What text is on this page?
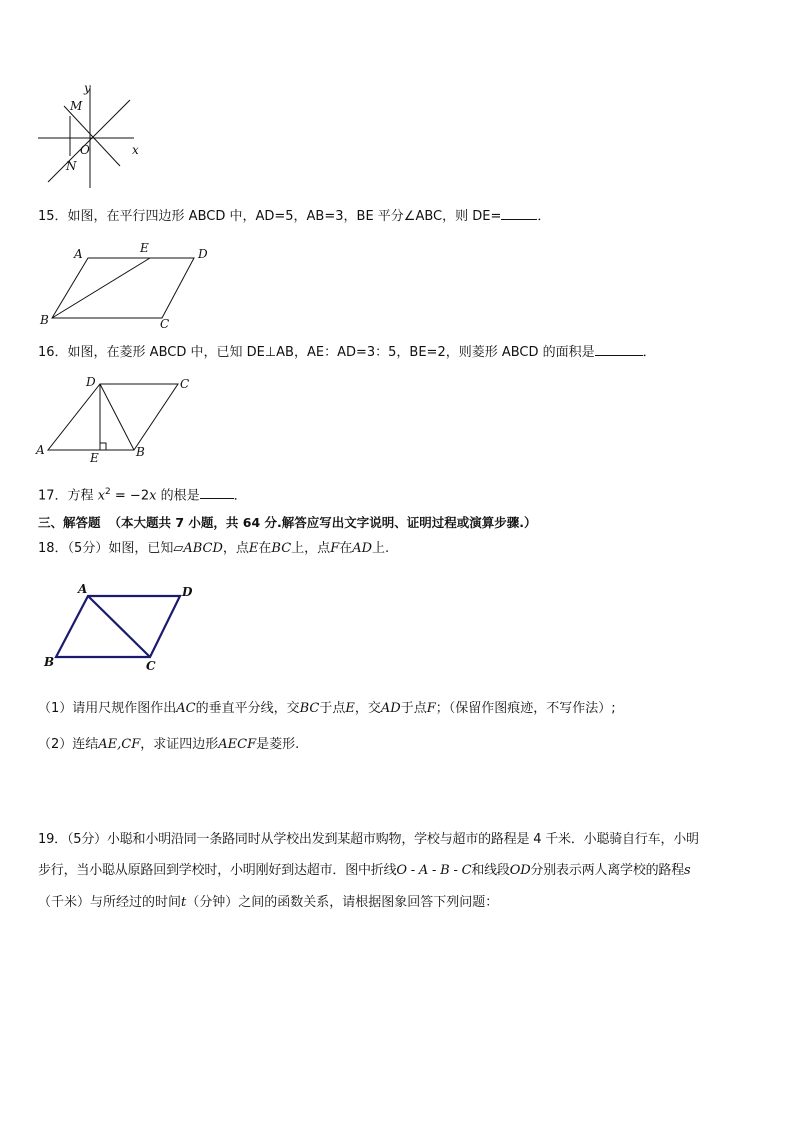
y
M
O	x
N
15．如图，在平行四边形 ABCD 中，AD=5，AB=3，BE 平分∠ABC，则 DE=	．
A	E	D
B	C
16．如图，在菱形 ABCD 中，已知 DE⊥AB，AE：AD=3：5，BE=2，则菱形 ABCD 的面积是	．
D	C
A
E	B
17．方程 $x^2 = -2x$ 的根是	．
三、解答题 （本大题共 7 小题，共 64 分.解答应写出文字说明、证明过程或演算步骤.）
18．（5分）如图，已知▱ABCD，点E在BC上，点F在AD上.
A	D
B	C
（1）请用尺规作图作出AC的垂直平分线，交BC于点E，交AD于点F；（保留作图痕迹，不写作法）;
（2）连结AE,CF，求证四边形AECF是菱形.
19．（5分）小聪和小明沿同一条路同时从学校出发到某超市购物，学校与超市的路程是 4 千米．小聪骑自行车，小明
步行，当小聪从原路回到学校时，小明刚好到达超市．图中折线O - A - B - C和线段OD分别表示两人离学校的路程s
（千米）与所经过的时间t（分钟）之间的函数关系，请根据图象回答下列问题：
